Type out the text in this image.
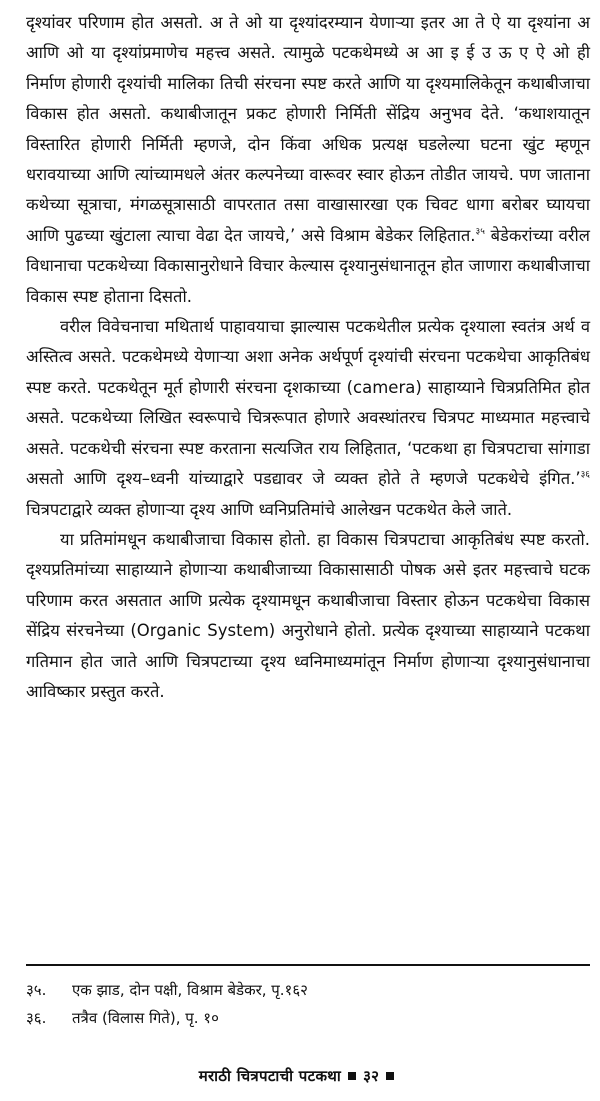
दृश्यांवर परिणाम होत असतो. अ ते ओ या दृश्यांदरम्यान येणाऱ्या इतर आ ते ऐ या दृश्यांना अ आणि ओ या दृश्यांप्रमाणेच महत्त्व असते. त्यामुळे पटकथेमध्ये अ आ इ ई उ ऊ ए ऐ ओ ही निर्माण होणारी दृश्यांची मालिका तिची संरचना स्पष्ट करते आणि या दृश्यमालिकेतून कथाबीजाचा विकास होत असतो. कथाबीजातून प्रकट होणारी निर्मिती सेंद्रिय अनुभव देते. ‘कथाशयातून विस्तारित होणारी निर्मिती म्हणजे, दोन किंवा अधिक प्रत्यक्ष घडलेल्या घटना खुंट म्हणून धरावयाच्या आणि त्यांच्यामधले अंतर कल्पनेच्या वारूवर स्वार होऊन तोडीत जायचे. पण जाताना कथेच्या सूत्राचा, मंगळसूत्रासाठी वापरतात तसा वाखासारखा एक चिवट धागा बरोबर घ्यायचा आणि पुढच्या खुंटाला त्याचा वेढा देत जायचे,’ असे विश्राम बेडेकर लिहितात.$^{३५}$ बेडेकरांच्या वरील विधानाचा पटकथेच्या विकासानुरोधाने विचार केल्यास दृश्यानुसंधानातून होत जाणारा कथाबीजाचा विकास स्पष्ट होताना दिसतो.

वरील विवेचनाचा मथितार्थ पाहावयाचा झाल्यास पटकथेतील प्रत्येक दृश्याला स्वतंत्र अर्थ व अस्तित्व असते. पटकथेमध्ये येणाऱ्या अशा अनेक अर्थपूर्ण दृश्यांची संरचना पटकथेचा आकृतिबंध स्पष्ट करते. पटकथेतून मूर्त होणारी संरचना दृशकाच्या (camera) साहाय्याने चित्रप्रतिमित होत असते. पटकथेच्या लिखित स्वरूपाचे चित्ररूपात होणारे अवस्थांतरच चित्रपट माध्यमात महत्त्वाचे असते. पटकथेची संरचना स्पष्ट करताना सत्यजित राय लिहितात, ‘पटकथा हा चित्रपटाचा सांगाडा असतो आणि दृश्य–ध्वनी यांच्याद्वारे पडद्यावर जे व्यक्त होते ते म्हणजे पटकथेचे इंगित.’$^{३६}$ चित्रपटाद्वारे व्यक्त होणाऱ्या दृश्य आणि ध्वनिप्रतिमांचे आलेखन पटकथेत केले जाते.

या प्रतिमांमधून कथाबीजाचा विकास होतो. हा विकास चित्रपटाचा आकृतिबंध स्पष्ट करतो. दृश्यप्रतिमांच्या साहाय्याने होणाऱ्या कथाबीजाच्या विकासासाठी पोषक असे इतर महत्त्वाचे घटक परिणाम करत असतात आणि प्रत्येक दृश्यामधून कथाबीजाचा विस्तार होऊन पटकथेचा विकास सेंद्रिय संरचनेच्या (Organic System) अनुरोधाने होतो. प्रत्येक दृश्याच्या साहाय्याने पटकथा गतिमान होत जाते आणि चित्रपटाच्या दृश्य ध्वनिमाध्यमांतून निर्माण होणाऱ्या दृश्यानुसंधानाचा आविष्कार प्रस्तुत करते.

३५.	एक झाड, दोन पक्षी, विश्राम बेडेकर, पृ.१६२
३६.	तत्रैव (विलास गिते), पृ. १०
मराठी चित्रपटाची पटकथा ३२
